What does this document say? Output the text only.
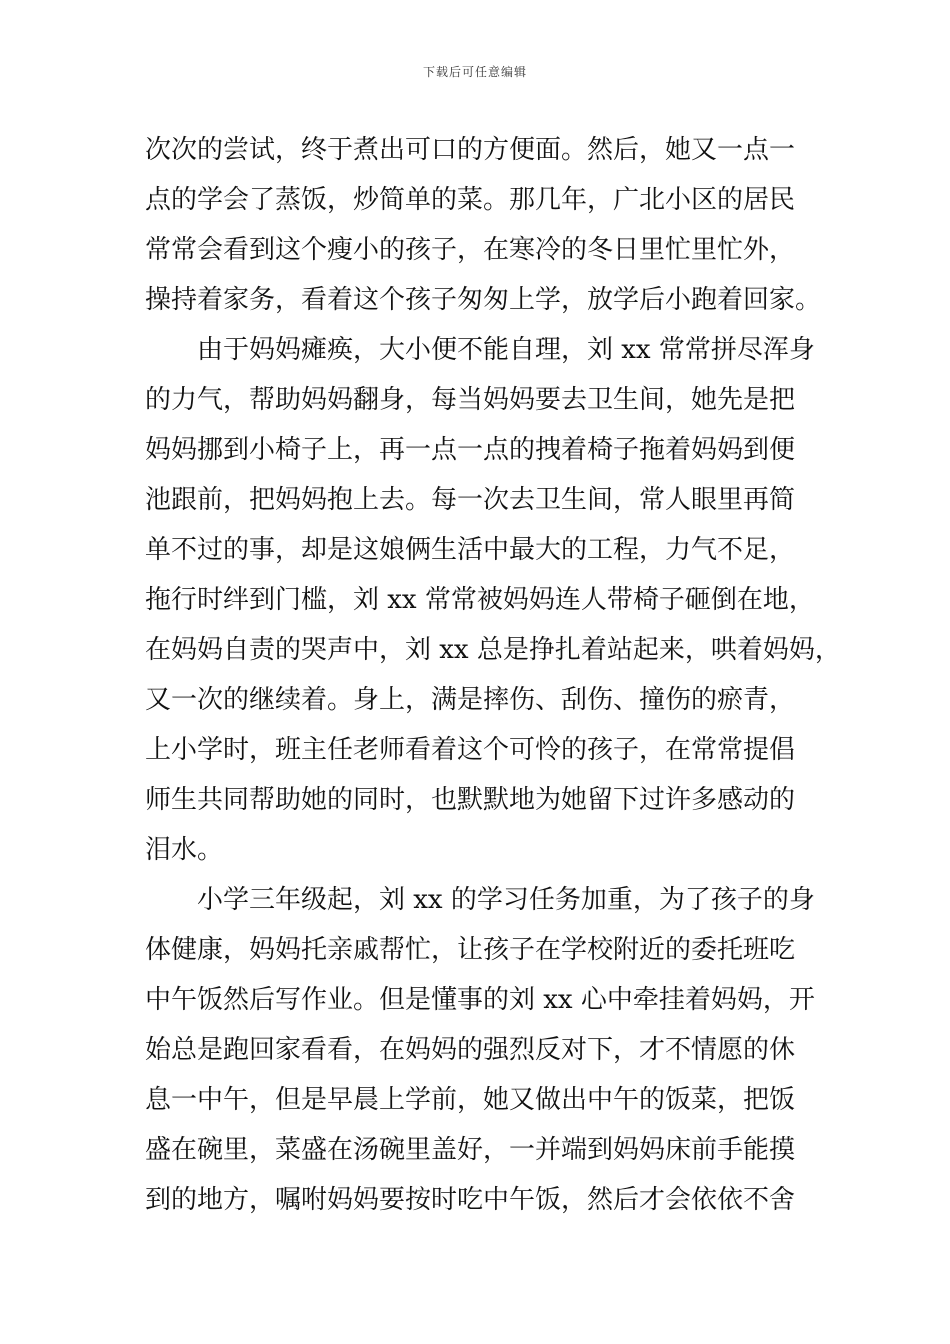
下载后可任意编辑
次次的尝试，终于煮出可口的方便面。然后，她又一点一
点的学会了蒸饭，炒简单的菜。那几年，广北小区的居民
常常会看到这个瘦小的孩子，在寒冷的冬日里忙里忙外，
操持着家务，看着这个孩子匆匆上学，放学后小跑着回家。
由于妈妈瘫痪，大小便不能自理，刘 xx 常常拼尽浑身
的力气，帮助妈妈翻身，每当妈妈要去卫生间，她先是把
妈妈挪到小椅子上，再一点一点的拽着椅子拖着妈妈到便
池跟前，把妈妈抱上去。每一次去卫生间，常人眼里再简
单不过的事，却是这娘俩生活中最大的工程，力气不足，
拖行时绊到门槛，刘 xx 常常被妈妈连人带椅子砸倒在地，
在妈妈自责的哭声中，刘 xx 总是挣扎着站起来，哄着妈妈，
又一次的继续着。身上，满是摔伤、刮伤、撞伤的瘀青，
上小学时，班主任老师看着这个可怜的孩子，在常常提倡
师生共同帮助她的同时，也默默地为她留下过许多感动的
泪水。
小学三年级起，刘 xx 的学习任务加重，为了孩子的身
体健康，妈妈托亲戚帮忙，让孩子在学校附近的委托班吃
中午饭然后写作业。但是懂事的刘 xx 心中牵挂着妈妈，开
始总是跑回家看看，在妈妈的强烈反对下，才不情愿的休
息一中午，但是早晨上学前，她又做出中午的饭菜，把饭
盛在碗里，菜盛在汤碗里盖好，一并端到妈妈床前手能摸
到的地方，嘱咐妈妈要按时吃中午饭，然后才会依依不舍
